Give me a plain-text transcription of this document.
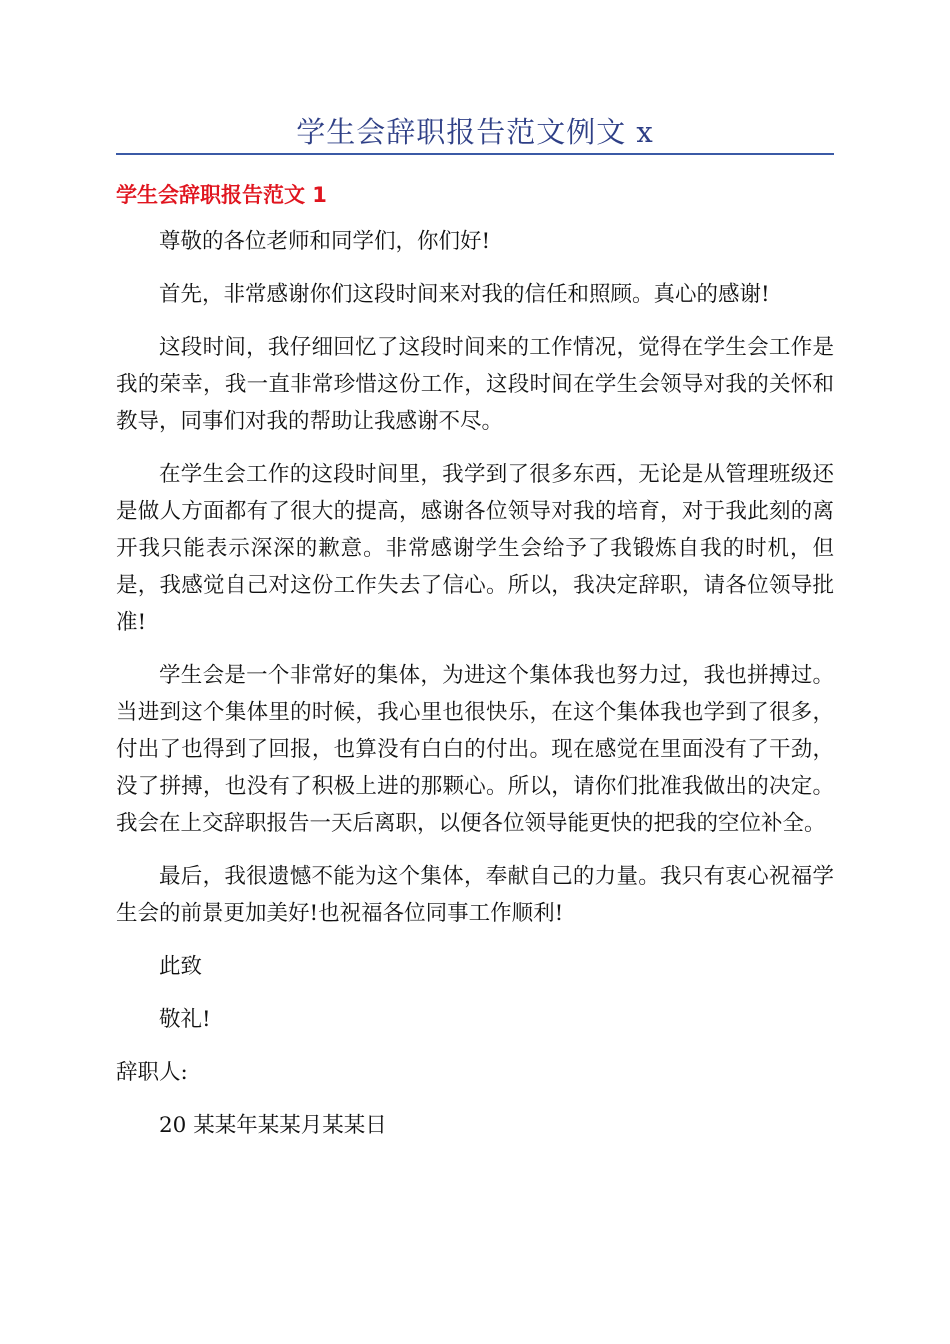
学生会辞职报告范文例文 x
学生会辞职报告范文 1

尊敬的各位老师和同学们，你们好!

首先，非常感谢你们这段时间来对我的信任和照顾。真心的感谢!

这段时间，我仔细回忆了这段时间来的工作情况，觉得在学生会工作是我的荣幸，我一直非常珍惜这份工作，这段时间在学生会领导对我的关怀和教导，同事们对我的帮助让我感谢不尽。

在学生会工作的这段时间里，我学到了很多东西，无论是从管理班级还是做人方面都有了很大的提高，感谢各位领导对我的培育，对于我此刻的离开我只能表示深深的歉意。非常感谢学生会给予了我锻炼自我的时机，但是，我感觉自己对这份工作失去了信心。所以，我决定辞职，请各位领导批准!

学生会是一个非常好的集体，为进这个集体我也努力过，我也拼搏过。当进到这个集体里的时候，我心里也很快乐，在这个集体我也学到了很多，付出了也得到了回报，也算没有白白的付出。现在感觉在里面没有了干劲，没了拼搏，也没有了积极上进的那颗心。所以，请你们批准我做出的决定。我会在上交辞职报告一天后离职，以便各位领导能更快的把我的空位补全。

最后，我很遗憾不能为这个集体，奉献自己的力量。我只有衷心祝福学生会的前景更加美好!也祝福各位同事工作顺利!

此致

敬礼!

辞职人:

20 某某年某某月某某日
